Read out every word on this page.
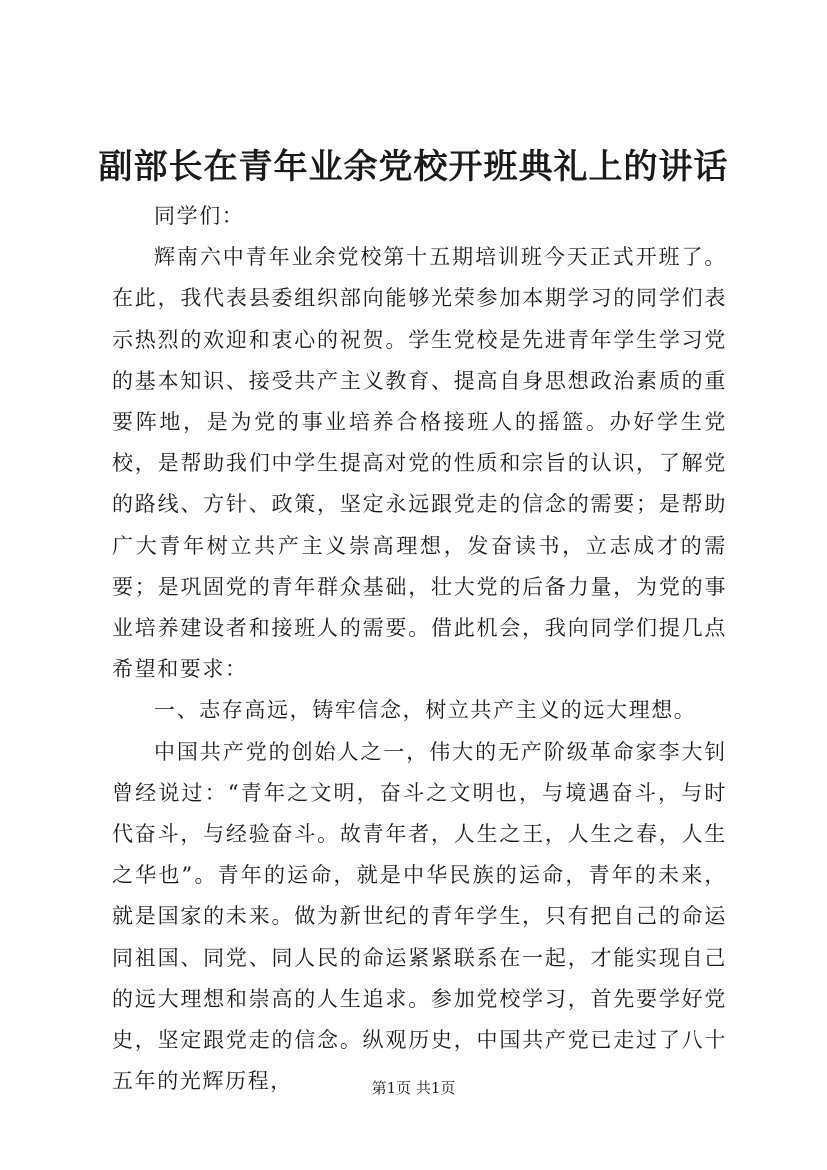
副部长在青年业余党校开班典礼上的讲话

同学们：

辉南六中青年业余党校第十五期培训班今天正式开班了。在此，我代表县委组织部向能够光荣参加本期学习的同学们表示热烈的欢迎和衷心的祝贺。学生党校是先进青年学生学习党的基本知识、接受共产主义教育、提高自身思想政治素质的重要阵地，是为党的事业培养合格接班人的摇篮。办好学生党校，是帮助我们中学生提高对党的性质和宗旨的认识，了解党的路线、方针、政策，坚定永远跟党走的信念的需要；是帮助广大青年树立共产主义崇高理想，发奋读书，立志成才的需要；是巩固党的青年群众基础，壮大党的后备力量，为党的事业培养建设者和接班人的需要。借此机会，我向同学们提几点希望和要求：

一、志存高远，铸牢信念，树立共产主义的远大理想。

中国共产党的创始人之一，伟大的无产阶级革命家李大钊曾经说过：“青年之文明，奋斗之文明也，与境遇奋斗，与时代奋斗，与经验奋斗。故青年者，人生之王，人生之春，人生之华也”。青年的运命，就是中华民族的运命，青年的未来，就是国家的未来。做为新世纪的青年学生，只有把自己的命运同祖国、同党、同人民的命运紧紧联系在一起，才能实现自己的远大理想和崇高的人生追求。参加党校学习，首先要学好党史，坚定跟党走的信念。纵观历史，中国共产党已走过了八十五年的光辉历程，	第1页 共1页
